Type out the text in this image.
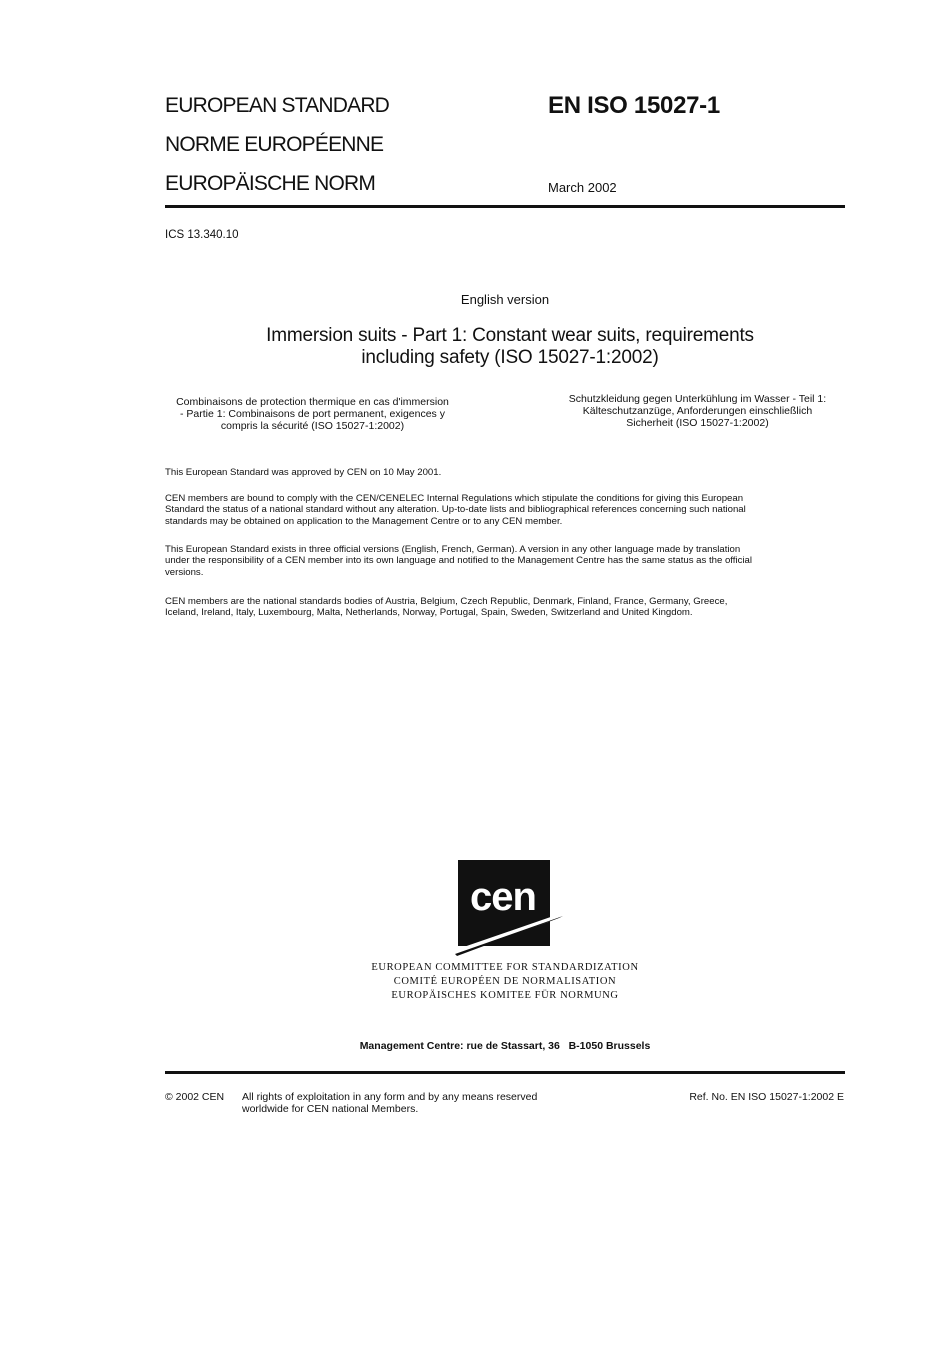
EUROPEAN STANDARD
NORME EUROPÉENNE
EUROPÄISCHE NORM
EN ISO 15027-1
March 2002
ICS 13.340.10
English version
Immersion suits - Part 1: Constant wear suits, requirements
including safety (ISO 15027-1:2002)
Combinaisons de protection thermique en cas d'immersion
- Partie 1: Combinaisons de port permanent, exigences y
compris la sécurité (ISO 15027-1:2002)
Schutzkleidung gegen Unterkühlung im Wasser - Teil 1:
Kälteschutzanzüge, Anforderungen einschließlich
Sicherheit (ISO 15027-1:2002)
This European Standard was approved by CEN on 10 May 2001.
CEN members are bound to comply with the CEN/CENELEC Internal Regulations which stipulate the conditions for giving this European
Standard the status of a national standard without any alteration. Up-to-date lists and bibliographical references concerning such national
standards may be obtained on application to the Management Centre or to any CEN member.
This European Standard exists in three official versions (English, French, German). A version in any other language made by translation
under the responsibility of a CEN member into its own language and notified to the Management Centre has the same status as the official
versions.
CEN members are the national standards bodies of Austria, Belgium, Czech Republic, Denmark, Finland, France, Germany, Greece,
Iceland, Ireland, Italy, Luxembourg, Malta, Netherlands, Norway, Portugal, Spain, Sweden, Switzerland and United Kingdom.
cen
EUROPEAN COMMITTEE FOR STANDARDIZATION
COMITÉ EUROPÉEN DE NORMALISATION
EUROPÄISCHES KOMITEE FÜR NORMUNG
Management Centre: rue de Stassart, 36   B-1050 Brussels
© 2002 CEN All rights of exploitation in any form and by any means reserved
worldwide for CEN national Members.
Ref. No. EN ISO 15027-1:2002 E
